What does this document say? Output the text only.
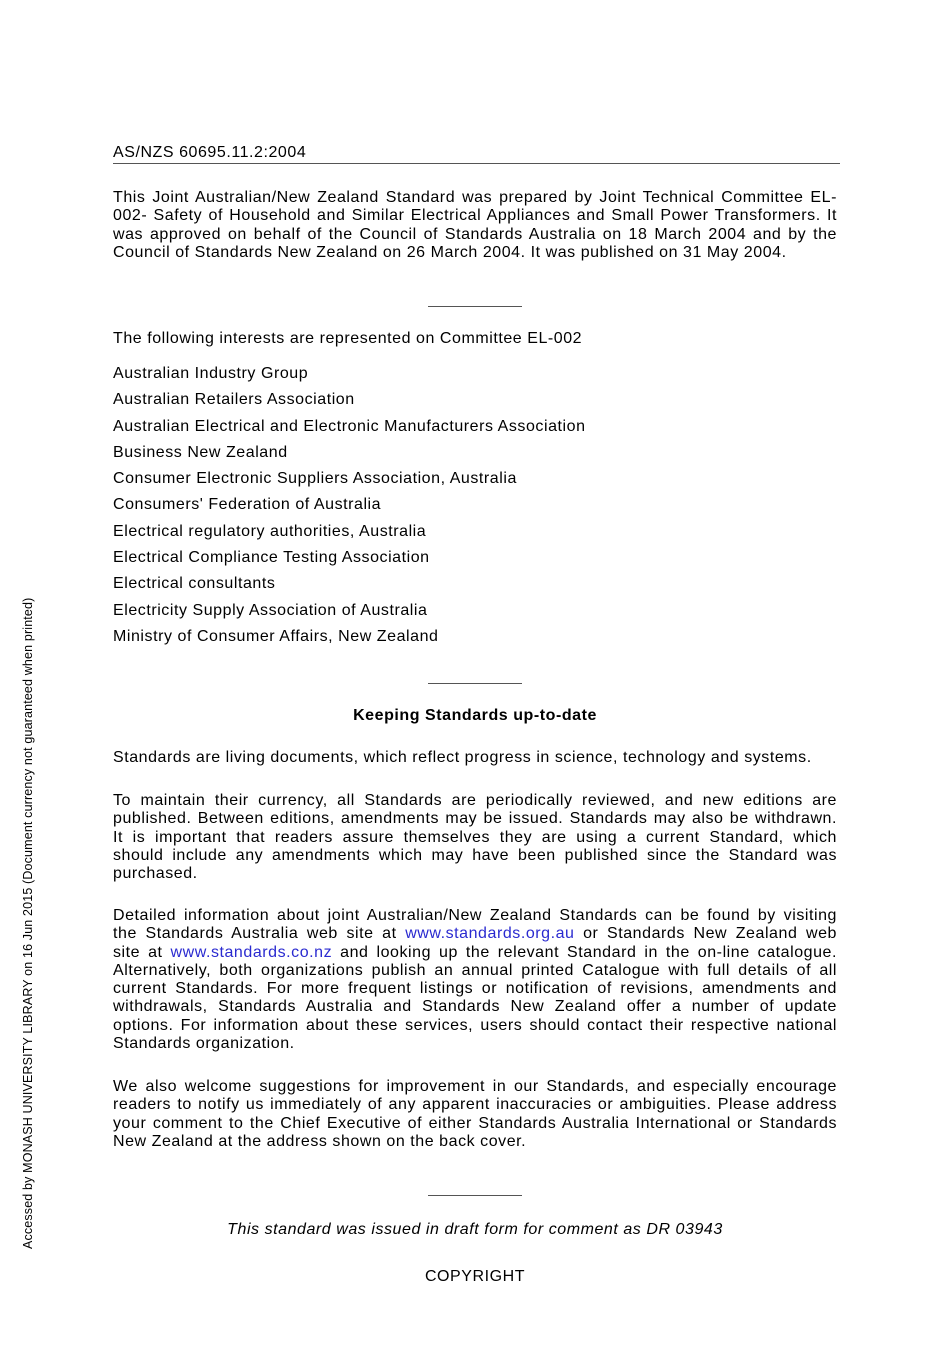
AS/NZS 60695.11.2:2004
This Joint Australian/New Zealand Standard was prepared by Joint Technical Committee EL-
002- Safety of Household and Similar Electrical Appliances and Small Power Transformers. It
was approved on behalf of the Council of Standards Australia on 18 March 2004 and by the
Council of Standards New Zealand on 26 March 2004. It was published on 31 May 2004.
The following interests are represented on Committee EL-002
Australian Industry Group
Australian Retailers Association
Australian Electrical and Electronic Manufacturers Association
Business New Zealand
Consumer Electronic Suppliers Association, Australia
Consumers' Federation of Australia
Electrical regulatory authorities, Australia
Electrical Compliance Testing Association
Electrical consultants
Electricity Supply Association of Australia
Ministry of Consumer Affairs, New Zealand
Keeping Standards up-to-date
Standards are living documents, which reflect progress in science, technology and systems.
To maintain their currency, all Standards are periodically reviewed, and new editions are
published. Between editions, amendments may be issued. Standards may also be withdrawn.
It is important that readers assure themselves they are using a current Standard, which
should include any amendments which may have been published since the Standard was
purchased.
Detailed information about joint Australian/New Zealand Standards can be found by visiting
the Standards Australia web site at www.standards.org.au or Standards New Zealand web
site at www.standards.co.nz and looking up the relevant Standard in the on-line catalogue.
Alternatively, both organizations publish an annual printed Catalogue with full details of all
current Standards. For more frequent listings or notification of revisions, amendments and
withdrawals, Standards Australia and Standards New Zealand offer a number of update
options. For information about these services, users should contact their respective national
Standards organization.
We also welcome suggestions for improvement in our Standards, and especially encourage
readers to notify us immediately of any apparent inaccuracies or ambiguities. Please address
your comment to the Chief Executive of either Standards Australia International or Standards
New Zealand at the address shown on the back cover.
This standard was issued in draft form for comment as DR 03943
COPYRIGHT
Accessed by MONASH UNIVERSITY LIBRARY on 16 Jun 2015 (Document currency not guaranteed when printed)
